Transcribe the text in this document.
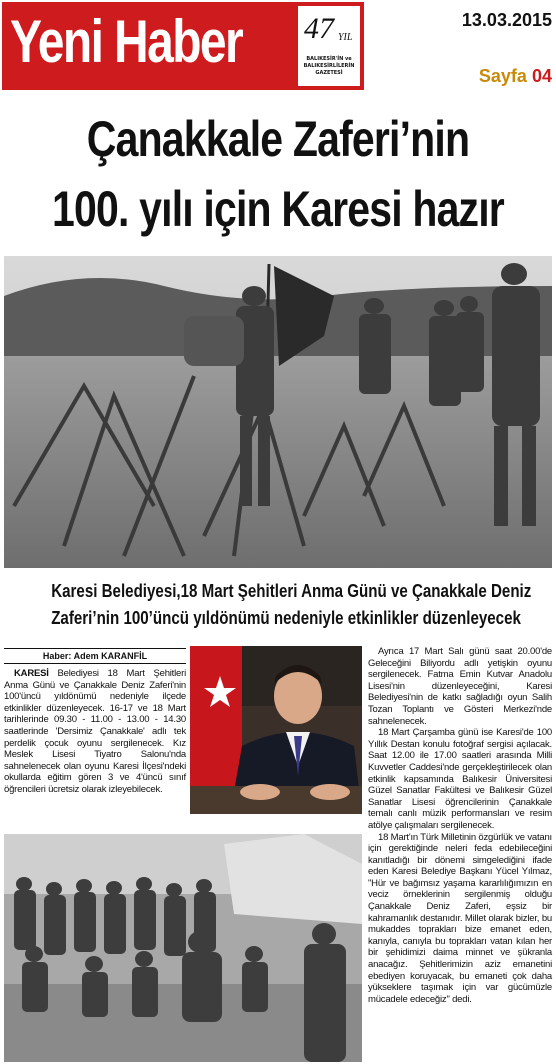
Yeni Haber 47 YIL
BALIKESİR'İN ve BALIKESİRLİLERİN GAZETESİ
13.03.2015
Sayfa 04
Çanakkale Zaferi’nin
100. yılı için Karesi hazır
Karesi Belediyesi,18 Mart Şehitleri Anma Günü ve Çanakkale Deniz
Zaferi’nin 100’üncü yıldönümü nedeniyle etkinlikler düzenleyecek
Haber: Adem KARANFİL

KARESİ Belediyesi 18 Mart Şehitleri Anma Günü ve Çanakkale Deniz Zaferi'nin 100'üncü yıldönümü nedeniyle ilçede etkinlikler düzenleyecek. 16-17 ve 18 Mart tarihlerinde 09.30 - 11.00 - 13.00 - 14.30 saatlerinde 'Dersimiz Çanakkale' adlı tek perdelik çocuk oyunu sergilenecek. Kız Meslek Lisesi Tiyatro Salonu'nda sahnelenecek olan oyunu Karesi İlçesi'ndeki okullarda eğitim gören 3 ve 4'üncü sınıf öğrencileri ücretsiz olarak izleyebilecek.

Ayrıca 17 Mart Salı günü saat 20.00'de Geleceğini Biliyordu adlı yetişkin oyunu sergilenecek. Fatma Emin Kutvar Anadolu Lisesi'nin düzenleyeceğini, Karesi Belediyesi'nin de katkı sağladığı oyun Salih Tozan Toplantı ve Gösteri Merkezi'nde sahnelenecek.

18 Mart Çarşamba günü ise Karesi'de 100 Yıllık Destan konulu fotoğraf sergisi açılacak. Saat 12.00 ile 17.00 saatleri arasında Milli Kuvvetler Caddesi'nde gerçekleştirilecek olan etkinlik kapsamında Balıkesir Üniversitesi Güzel Sanatlar Fakültesi ve Balıkesir Güzel Sanatlar Lisesi öğrencilerinin Çanakkale temalı canlı müzik performansları ve resim atölye çalışmaları sergilenecek.

18 Mart'ın Türk Milletinin özgürlük ve vatanı için gerektiğinde neleri feda edebileceğini kanıtladığı bir dönemi simgelediğini ifade eden Karesi Belediye Başkanı Yücel Yılmaz, "Hür ve bağımsız yaşama kararlılığımızın en veciz örneklerinin sergilenmiş olduğu Çanakkale Deniz Zaferi, eşsiz bir kahramanlık destanıdır. Millet olarak bizler, bu mukaddes toprakları bize emanet eden, kanıyla, canıyla bu toprakları vatan kılan her bir şehidimizi daima minnet ve şükranla anacağız. Şehitlerimizin aziz emanetini ebediyen koruyacak, bu emaneti çok daha yükseklere taşımak için var gücümüzle mücadele edeceğiz" dedi.
